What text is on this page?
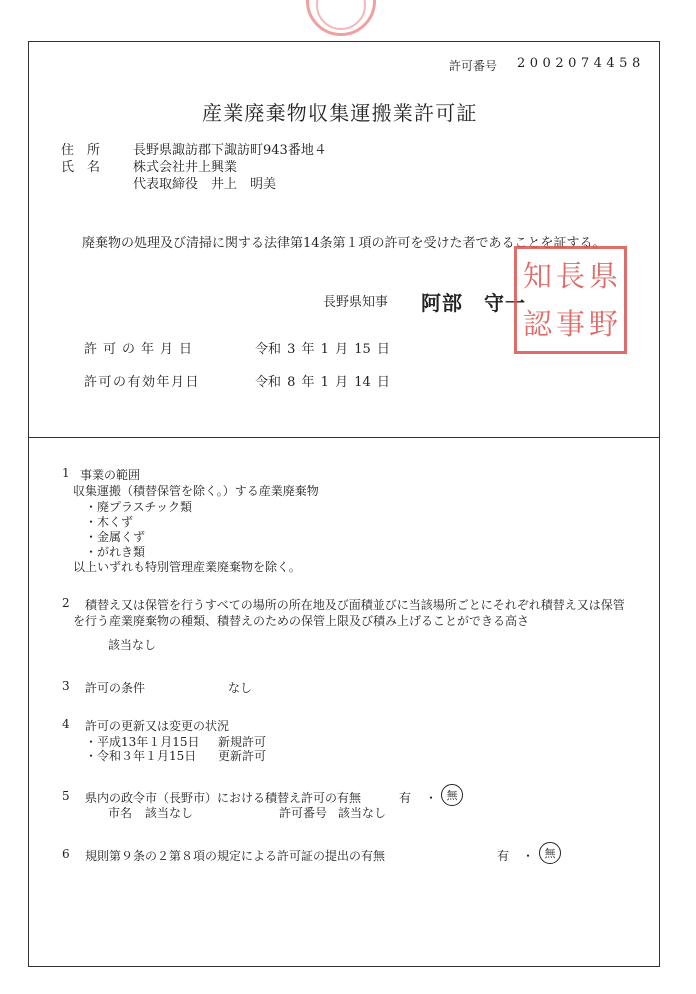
許可番号 2002074458
産業廃棄物収集運搬業許可証
住　所	長野県諏訪郡下諏訪町943番地４
氏　名	株式会社井上興業
代表取締役　井上　明美
廃棄物の処理及び清掃に関する法律第14条第１項の許可を受けた者であることを証する。
長野県知事 阿部　守一
知 長 県
認 事 野
許可の年月日	令和 3 年 1 月 15 日
許可の有効年月日	令和 8 年 1 月 14 日
1 事業の範囲
収集運搬（積替保管を除く。）する産業廃棄物
・廃プラスチック類
・木くず
・金属くず
・がれき類
以上いずれも特別管理産業廃棄物を除く。
2 積替え又は保管を行うすべての場所の所在地及び面積並びに当該場所ごとにそれぞれ積替え又は保管
を行う産業廃棄物の種類、積替えのための保管上限及び積み上げることができる高さ
該当なし
3 許可の条件	なし
4 許可の更新又は変更の状況
・平成13年１月15日 新規許可
・令和３年１月15日 更新許可
5 県内の政令市（長野市）における積替え許可の有無	有 ・ 無
市名 該当なし	許可番号 該当なし
6 規則第９条の２第８項の規定による許可証の提出の有無	有 ・ 無
